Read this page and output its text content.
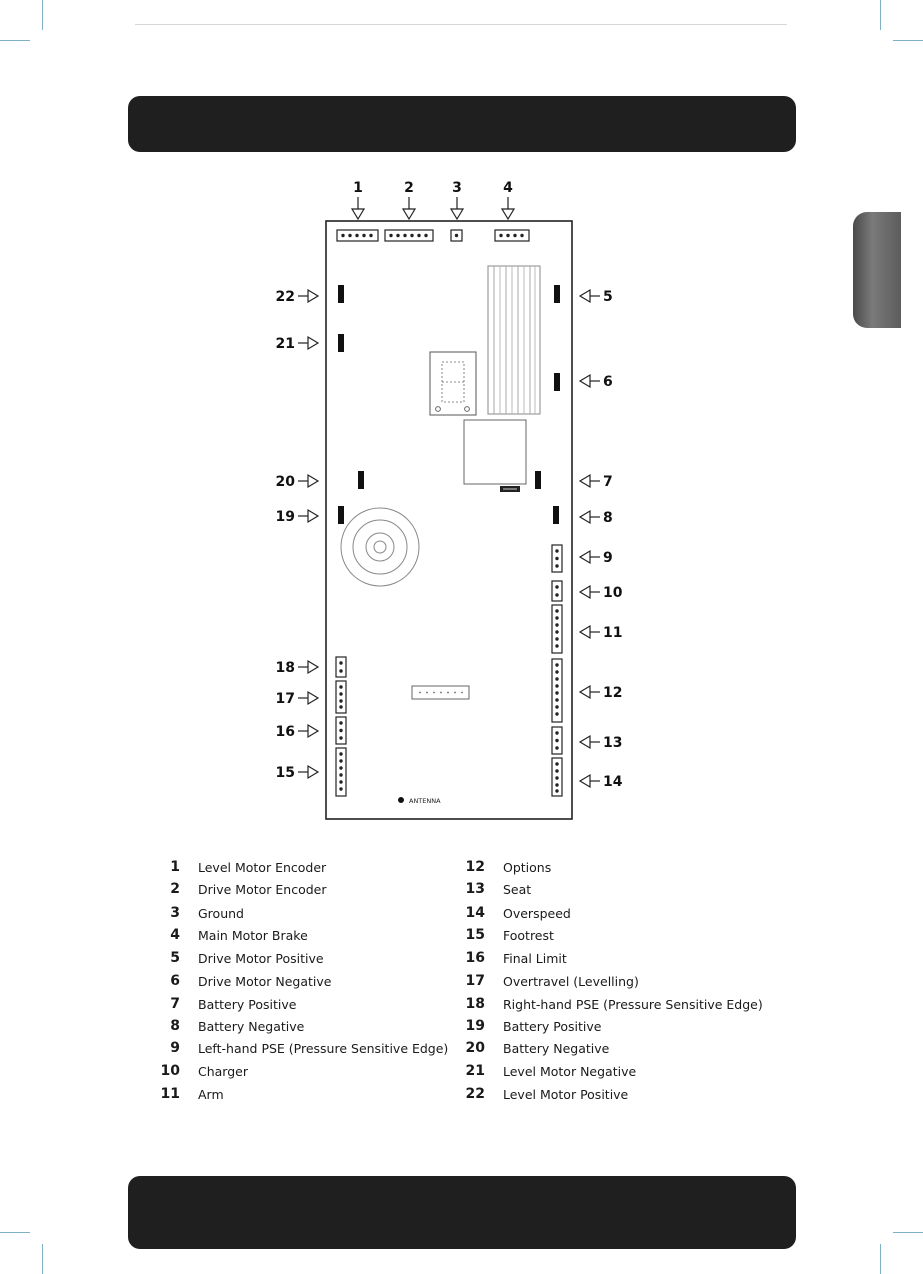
ANTENNA
1	2	3	4
5
6
7
8
9
10
11
12
13
14
15
16
17
18
19
20
21
22
1 Level Motor Encoder
2 Drive Motor Encoder
3 Ground
4 Main Motor Brake
5 Drive Motor Positive
6 Drive Motor Negative
7 Battery Positive
8 Battery Negative
9 Left-hand PSE (Pressure Sensitive Edge)
10 Charger
11 Arm
12 Options
13 Seat
14 Overspeed
15 Footrest
16 Final Limit
17 Overtravel (Levelling)
18 Right-hand PSE (Pressure Sensitive Edge)
19 Battery Positive
20 Battery Negative
21 Level Motor Negative
22 Level Motor Positive
